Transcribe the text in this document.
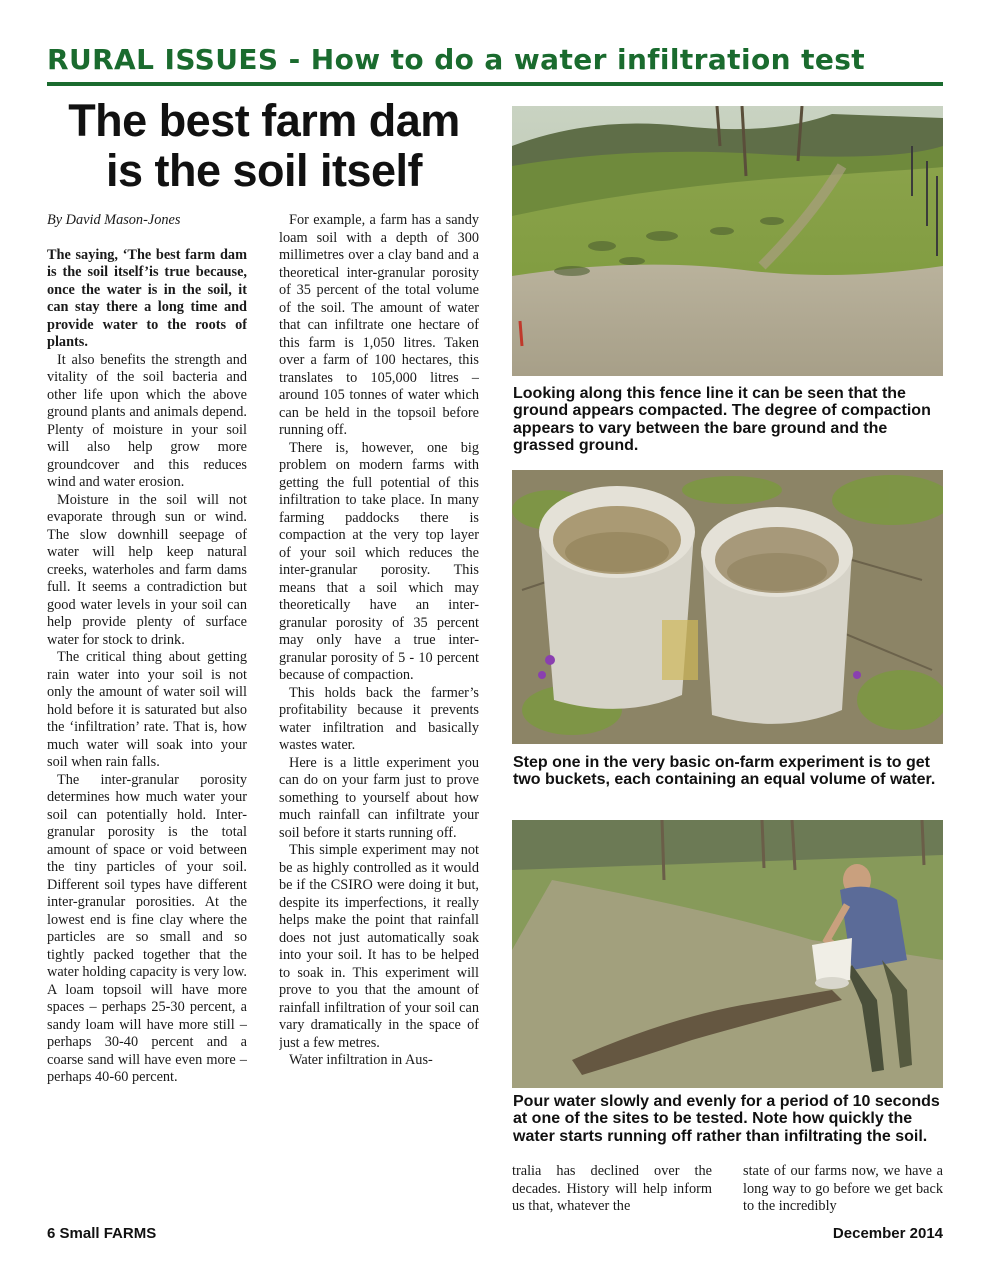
RURAL ISSUES - How to do a water infiltration test
The best farm dam
is the soil itself

By David Mason-Jones

The saying, ‘The best farm dam is the soil itself’is true because, once the water is in the soil, it can stay there a long time and provide water to the roots of plants.

It also benefits the strength and vitality of the soil bacteria and other life upon which the above ground plants and animals depend. Plenty of moisture in your soil will also help grow more groundcover and this reduces wind and water erosion.

Moisture in the soil will not evaporate through sun or wind. The slow downhill seepage of water will help keep natural creeks, waterholes and farm dams full. It seems a contradiction but good water levels in your soil can help provide plenty of surface water for stock to drink.

The critical thing about getting rain water into your soil is not only the amount of water soil will hold before it is saturated but also the ‘infiltration’ rate. That is, how much water will soak into your soil when rain falls.

The inter-granular porosity determines how much water your soil can potentially hold. Inter-granular porosity is the total amount of space or void between the tiny particles of your soil. Different soil types have different inter-granular porosities. At the lowest end is fine clay where the particles are so small and so tightly packed together that the water holding capacity is very low. A loam topsoil will have more spaces – perhaps 25-30 percent, a sandy loam will have more still – perhaps 30-40 percent and a coarse sand will have even more – perhaps 40-60 percent.

For example, a farm has a sandy loam soil with a depth of 300 millimetres over a clay band and a theoretical inter-granular porosity of 35 percent of the total volume of the soil. The amount of water that can infiltrate one hectare of this farm is 1,050 litres. Taken over a farm of 100 hectares, this translates to 105,000 litres – around 105 tonnes of water which can be held in the topsoil before running off.

There is, however, one big problem on modern farms with getting the full potential of this infiltration to take place. In many farming paddocks there is compaction at the very top layer of your soil which reduces the inter-granular porosity. This means that a soil which may theoretically have an inter-granular porosity of 35 percent may only have a true inter-granular porosity of 5 - 10 percent because of compaction.

This holds back the farmer’s profitability because it prevents water infiltration and basically wastes water.

Here is a little experiment you can do on your farm just to prove something to yourself about how much rainfall can infiltrate your soil before it starts running off.

This simple experiment may not be as highly controlled as it would be if the CSIRO were doing it but, despite its imperfections, it really helps make the point that rainfall does not just automatically soak into your soil. It has to be helped to soak in. This experiment will prove to you that the amount of rainfall infiltration of your soil can vary dramatically in the space of just a few metres.

Water infiltration in Aus-

Looking along this fence line it can be seen that the ground appears compacted. The degree of compaction appears to vary between the bare ground and the grassed ground.
Step one in the very basic on-farm experiment is to get two buckets, each containing an equal volume of water.
Pour water slowly and evenly for a period of 10 seconds at one of the sites to be tested. Note how quickly the water starts running off rather than infiltrating the soil.

tralia has declined over the decades. History will help inform us that, whatever the

state of our farms now, we have a long way to go before we get back to the incredibly

6 Small FARMS	December 2014
